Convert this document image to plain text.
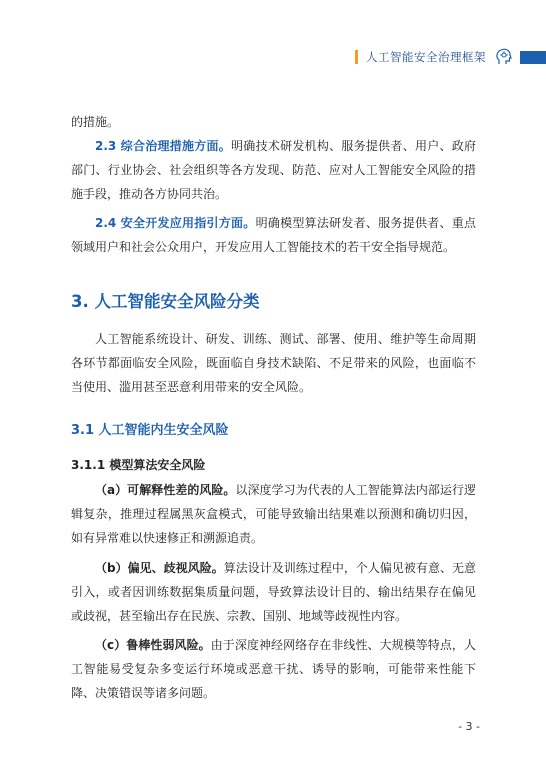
人工智能安全治理框架

的措施。

2.3 综合治理措施方面。明确技术研发机构、服务提供者、用户、政府部门、行业协会、社会组织等各方发现、防范、应对人工智能安全风险的措施手段，推动各方协同共治。

2.4 安全开发应用指引方面。明确模型算法研发者、服务提供者、重点领域用户和社会公众用户，开发应用人工智能技术的若干安全指导规范。

3. 人工智能安全风险分类

人工智能系统设计、研发、训练、测试、部署、使用、维护等生命周期各环节都面临安全风险，既面临自身技术缺陷、不足带来的风险，也面临不当使用、滥用甚至恶意利用带来的安全风险。

3.1 人工智能内生安全风险
3.1.1 模型算法安全风险

（a）可解释性差的风险。以深度学习为代表的人工智能算法内部运行逻辑复杂，推理过程属黑灰盒模式，可能导致输出结果难以预测和确切归因，如有异常难以快速修正和溯源追责。

（b）偏见、歧视风险。算法设计及训练过程中，个人偏见被有意、无意引入，或者因训练数据集质量问题，导致算法设计目的、输出结果存在偏见或歧视，甚至输出存在民族、宗教、国别、地域等歧视性内容。

（c）鲁棒性弱风险。由于深度神经网络存在非线性、大规模等特点，人工智能易受复杂多变运行环境或恶意干扰、诱导的影响，可能带来性能下降、决策错误等诸多问题。

- 3 -
